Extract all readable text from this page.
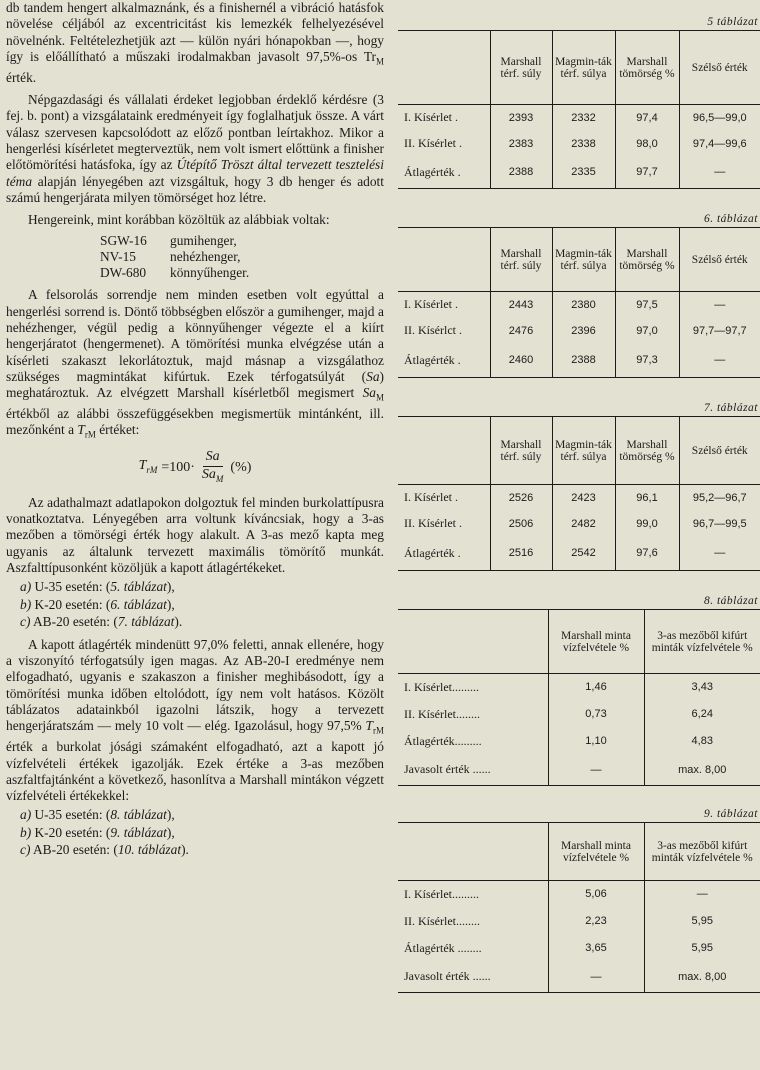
db tandem hengert alkalmaznánk, és a finishernél a vibráció hatásfok növelése céljából az excentricitást kis lemezkék felhelyezésével növelnénk. Feltételezhetjük azt — külön nyári hónapokban —, hogy így is előállítható a műszaki irodalmakban javasolt 97,5%-os $Tr_M$ érték.

Népgazdasági és vállalati érdeket legjobban érdeklő kérdésre (3 fej. b. pont) a vizsgálataink eredményeit így foglalhatjuk össze. A várt válasz szervesen kapcsolódott az előző pontban leírtakhoz. Mikor a hengerlési kísérletet megterveztük, nem volt ismert előttünk a finisher előtömörítési hatásfoka, így az Útépítő Tröszt által tervezett tesztelési téma alapján lényegében azt vizsgáltuk, hogy 3 db henger és adott számú hengerjárata milyen tömörséget hoz létre.

Hengereink, mint korábban közöltük az alábbiak voltak:

SGW-16	gumihenger,
NV-15	nehézhenger,
DW-680	könnyűhenger.

A felsorolás sorrendje nem minden esetben volt egyúttal a hengerlési sorrend is. Döntő többségben először a gumihenger, majd a nehézhenger, végül pedig a könnyűhenger végezte el a kiírt hengerjáratot (hengermenet). A tömörítési munka elvégzése után a kísérleti szakaszt lekorlátoztuk, majd másnap a vizsgálathoz szükséges magmintákat kifúrtuk. Ezek térfogatsúlyát (Sa) meghatároztuk. Az elvégzett Marshall kísérletből megismert $Sa_M$ értékből az alábbi összefüggésekben megismertük mintánként, ill. mezőnként a $T_{rM}$ értéket:

$T_{rM} =100\cdot \frac{Sa}{Sa_M}$ (%)

Az adathalmazt adatlapokon dolgoztuk fel minden burkolattípusra vonatkoztatva. Lényegében arra voltunk kíváncsiak, hogy a 3-as mezőben a tömörségi érték hogy alakult. A 3-as mező kapta meg ugyanis az általunk tervezett maximális tömörítő munkát. Aszfalttípusonként közöljük a kapott átlagértékeket.

a) U-35 esetén: (5. táblázat),
b) K-20 esetén: (6. táblázat),
c) AB-20 esetén: (7. táblázat).

A kapott átlagérték mindenütt 97,0% feletti, annak ellenére, hogy a viszonyító térfogatsúly igen magas. Az AB-20-I eredménye nem elfogadható, ugyanis e szakaszon a finisher meghibásodott, így a tömörítési munka időben eltolódott, így nem volt hatásos. Közölt táblázatos adatainkból igazolni látszik, hogy a tervezett hengerjáratszám — mely 10 volt — elég. Igazolásul, hogy 97,5% $T_{rM}$ érték a burkolat jósági számaként elfogadható, azt a kapott jó vízfelvételi értékek igazolják. Ezek értéke a 3-as mezőben aszfaltfajtánként a következő, hasonlítva a Marshall mintákon végzett vízfelvételi értékekkel:

a) U-35 esetén: (8. táblázat),
b) K-20 esetén: (9. táblázat),
c) AB-20 esetén: (10. táblázat).
5 táblázat
	Marshall térf. súly	Magmin-ták térf. súlya	Marshall tömörség %	Szélső érték
I. Kísérlet .	2393	2332	97,4	96,5—99,0
II. Kísérlet .	2383	2338	98,0	97,4—99,6
Átlagérték .	2388	2335	97,7	—
6. táblázat
	Marshall térf. súly	Magmin-ták térf. súlya	Marshall tömörség %	Szélső érték
I. Kísérlet .	2443	2380	97,5	—
II. Kísérlct .	2476	2396	97,0	97,7—97,7
Átlagérték .	2460	2388	97,3	—
7. táblázat
	Marshall térf. súly	Magmin-ták térf. súlya	Marshall tömörség %	Szélső érték
I. Kísérlet .	2526	2423	96,1	95,2—96,7
II. Kísérlet .	2506	2482	99,0	96,7—99,5
Átlagérték .	2516	2542	97,6	—
8. táblázat
	Marshall minta vízfelvétele %	3-as mezőből kifúrt minták vízfelvétele %
I. Kísérlet.........	1,46	3,43
II. Kísérlet........	0,73	6,24
Átlagérték.........	1,10	4,83
Javasolt érték ......	—	max. 8,00
9. táblázat
	Marshall minta vízfelvétele %	3-as mezőből kifúrt minták vízfelvétele %
I. Kísérlet.........	5,06	—
II. Kísérlet........	2,23	5,95
Átlagérték ........	3,65	5,95
Javasolt érték ......	—	max. 8,00
